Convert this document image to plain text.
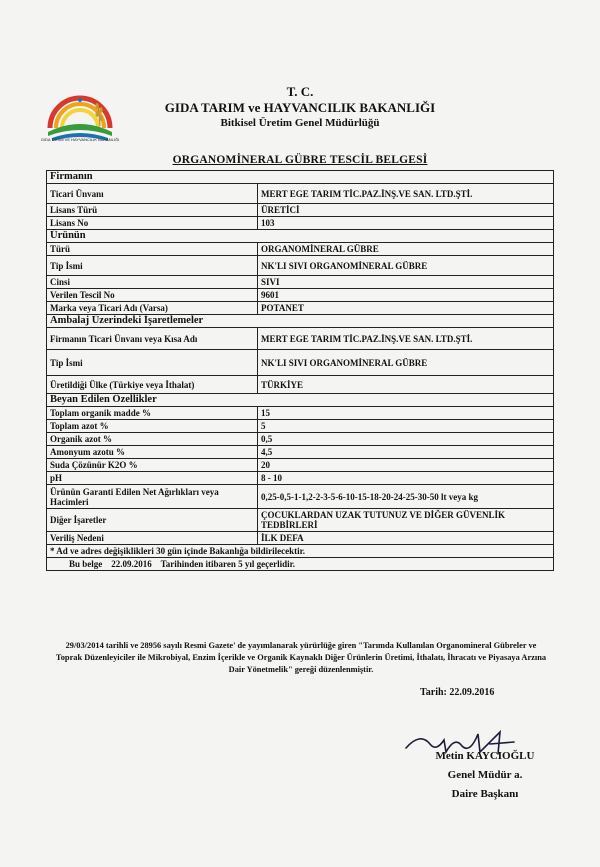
GIDA TARIM VE HAYVANCILIK BAKANLIĞI
T. C.
GIDA TARIM ve HAYVANCILIK BAKANLIĞI
Bitkisel Üretim Genel Müdürlüğü
ORGANOMİNERAL GÜBRE TESCİL BELGESİ
Firmanın	
Ticari Ünvanı	MERT EGE TARIM TİC.PAZ.İNŞ.VE SAN. LTD.ŞTİ.
Lisans Türü	ÜRETİCİ
Lisans No	103
Ürünün	
Türü	ORGANOMİNERAL GÜBRE
Tip İsmi	NK'LI SIVI ORGANOMİNERAL GÜBRE
Cinsi	SIVI
Verilen Tescil No	9601
Marka veya Ticari Adı (Varsa)	POTANET
Ambalaj Üzerindeki İşaretlemeler	
Firmanın Ticari Ünvanı veya Kısa Adı	MERT EGE TARIM TİC.PAZ.İNŞ.VE SAN. LTD.ŞTİ.
Tip İsmi	NK'LI SIVI ORGANOMİNERAL GÜBRE
Üretildiği Ülke (Türkiye veya İthalat)	TÜRKİYE
Beyan Edilen Özellikler	
Toplam organik madde %	15
Toplam azot %	5
Organik azot %	0,5
Amonyum azotu %	4,5
Suda Çözünür K2O %	20
pH	8 - 10
Ürünün Garanti Edilen Net Ağırlıkları veya Hacimleri	0,25-0,5-1-1,2-2-3-5-6-10-15-18-20-24-25-30-50 lt veya kg
Diğer İşaretler	ÇOCUKLARDAN UZAK TUTUNUZ VE DİĞER GÜVENLİK TEDBİRLERİ
Veriliş Nedeni	İLK DEFA
* Ad ve adres değişiklikleri 30 gün içinde Bakanlığa bildirilecektir.	
Bu belge    22.09.2016    Tarihinden itibaren 5 yıl geçerlidir.	
29/03/2014 tarihli ve 28956 sayılı Resmi Gazete' de yayımlanarak yürürlüğe giren "Tarımda Kullanılan Organomineral Gübreler ve Toprak Düzenleyiciler ile Mikrobiyal, Enzim İçerikle ve Organik Kaynaklı Diğer Ürünlerin Üretimi, İthalatı, İhracatı ve Piyasaya Arzına Dair Yönetmelik" gereği düzenlenmiştir.
Tarih: 22.09.2016
Metin KAYCIOĞLU
Genel Müdür a.
Daire Başkanı
